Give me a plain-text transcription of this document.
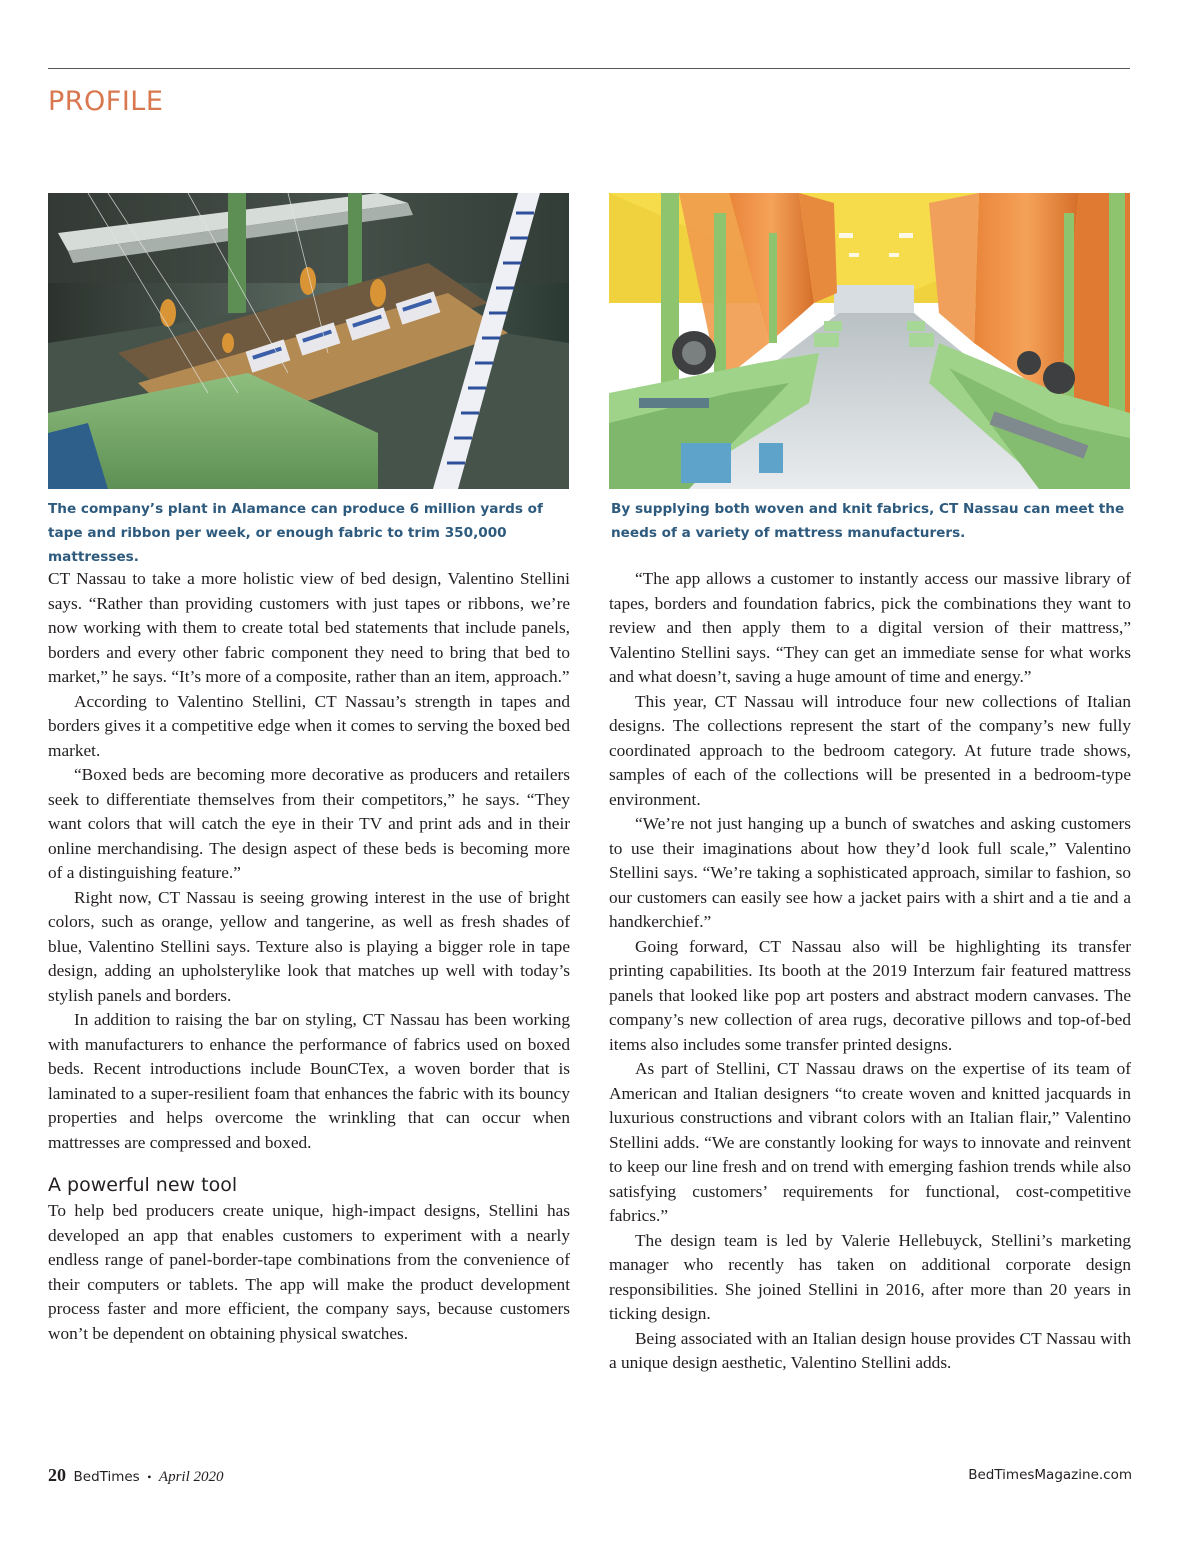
PROFILE

The company’s plant in Alamance can produce 6 million yards of tape and ribbon per week, or enough fabric to trim 350,000 mattresses.

By supplying both woven and knit fabrics, CT Nassau can meet the needs of a variety of mattress manufacturers.

CT Nassau to take a more holistic view of bed design, Valentino Stellini says. “Rather than providing customers with just tapes or ribbons, we’re now working with them to create total bed statements that include panels, borders and every other fabric component they need to bring that bed to market,” he says. “It’s more of a composite, rather than an item, approach.”

According to Valentino Stellini, CT Nassau’s strength in tapes and borders gives it a competitive edge when it comes to serving the boxed bed market.

“Boxed beds are becoming more decorative as producers and retailers seek to differentiate themselves from their competitors,” he says. “They want colors that will catch the eye in their TV and print ads and in their online merchandising. The design aspect of these beds is becoming more of a distinguishing feature.”

Right now, CT Nassau is seeing growing interest in the use of bright colors, such as orange, yellow and tangerine, as well as fresh shades of blue, Valentino Stellini says. Texture also is playing a bigger role in tape design, adding an upholsterylike look that matches up well with today’s stylish panels and borders.

In addition to raising the bar on styling, CT Nassau has been working with manufacturers to enhance the performance of fabrics used on boxed beds. Recent introductions include BounCTex, a woven border that is laminated to a super-resilient foam that enhances the fabric with its bouncy properties and helps overcome the wrinkling that can occur when mattresses are compressed and boxed.

A powerful new tool

To help bed producers create unique, high-impact designs, Stellini has developed an app that enables customers to experiment with a nearly endless range of panel-border-tape combinations from the convenience of their computers or tablets. The app will make the product development process faster and more efficient, the company says, because customers won’t be dependent on obtaining physical swatches.

“The app allows a customer to instantly access our massive library of tapes, borders and foundation fabrics, pick the combinations they want to review and then apply them to a digital version of their mattress,” Valentino Stellini says. “They can get an immediate sense for what works and what doesn’t, saving a huge amount of time and energy.”

This year, CT Nassau will introduce four new collections of Italian designs. The collections represent the start of the company’s new fully coordinated approach to the bedroom category. At future trade shows, samples of each of the collections will be presented in a bedroom-type environment.

“We’re not just hanging up a bunch of swatches and asking customers to use their imaginations about how they’d look full scale,” Valentino Stellini says. “We’re taking a sophisticated approach, similar to fashion, so our customers can easily see how a jacket pairs with a shirt and a tie and a handkerchief.”

Going forward, CT Nassau also will be highlighting its transfer printing capabilities. Its booth at the 2019 Interzum fair featured mattress panels that looked like pop art posters and abstract modern canvases. The company’s new collection of area rugs, decorative pillows and top-of-bed items also includes some transfer printed designs.

As part of Stellini, CT Nassau draws on the expertise of its team of American and Italian designers “to create woven and knitted jacquards in luxurious constructions and vibrant colors with an Italian flair,” Valentino Stellini adds. “We are constantly looking for ways to innovate and reinvent to keep our line fresh and on trend with emerging fashion trends while also satisfying customers’ requirements for functional, cost-competitive fabrics.”

The design team is led by Valerie Hellebuyck, Stellini’s marketing manager who recently has taken on additional corporate design responsibilities. She joined Stellini in 2016, after more than 20 years in ticking design.

Being associated with an Italian design house provides CT Nassau with a unique design aesthetic, Valentino Stellini adds.

20 BedTimes • April 2020	BedTimesMagazine.com
